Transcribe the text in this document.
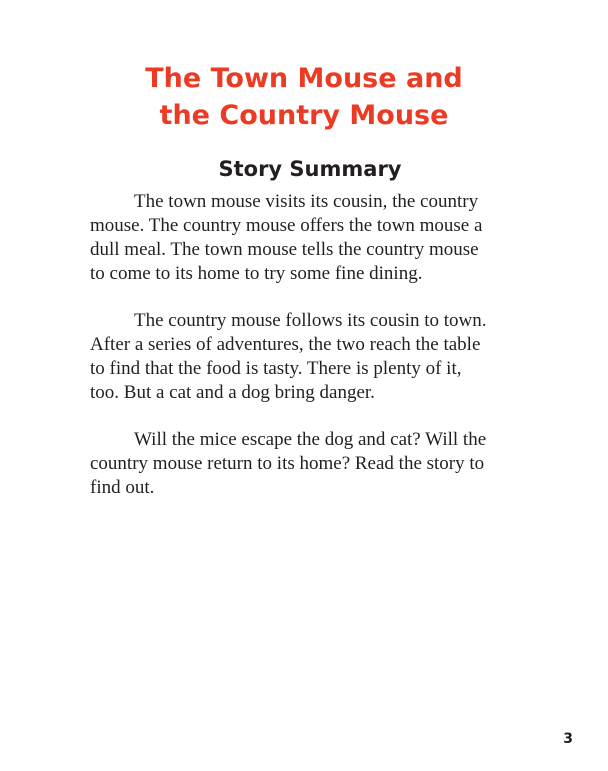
The Town Mouse and
the Country Mouse
Story Summary

The town mouse visits its cousin, the country
mouse. The country mouse offers the town mouse a
dull meal. The town mouse tells the country mouse
to come to its home to try some fine dining.

The country mouse follows its cousin to town.
After a series of adventures, the two reach the table
to find that the food is tasty. There is plenty of it,
too. But a cat and a dog bring danger.

Will the mice escape the dog and cat? Will the
country mouse return to its home? Read the story to
find out.

3
